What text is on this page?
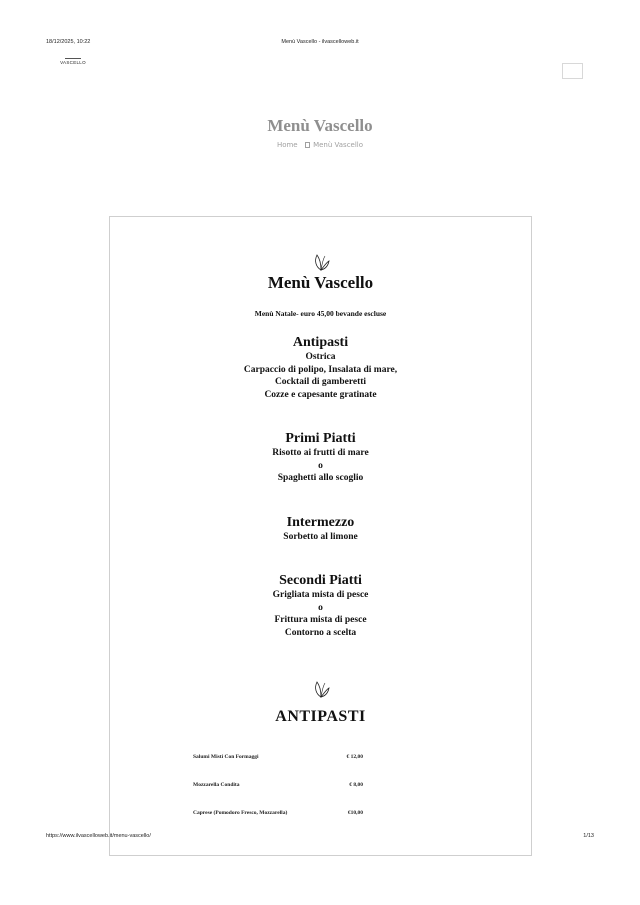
18/12/2025, 10:22	Menù Vascello - ilvascelloweb.it
VASCELLO
Menù Vascello
Home Menù Vascello
Menù Vascello
Menù Natale- euro 45,00 bevande escluse
Antipasti
Ostrica
Carpaccio di polipo, Insalata di mare,
Cocktail di gamberetti
Cozze e capesante gratinate
Primi Piatti
Risotto ai frutti di mare
o
Spaghetti allo scoglio
Intermezzo
Sorbetto al limone
Secondi Piatti
Grigliata mista di pesce
o
Frittura mista di pesce
Contorno a scelta
ANTIPASTI
Salumi Misti Con Formaggi	€ 12,00
Mozzarella Condita	€ 8,00
Caprese (Pomodoro Fresco, Mozzarella)	€10,00
https://www.ilvascelloweb.it/menu-vascello/	1/13
